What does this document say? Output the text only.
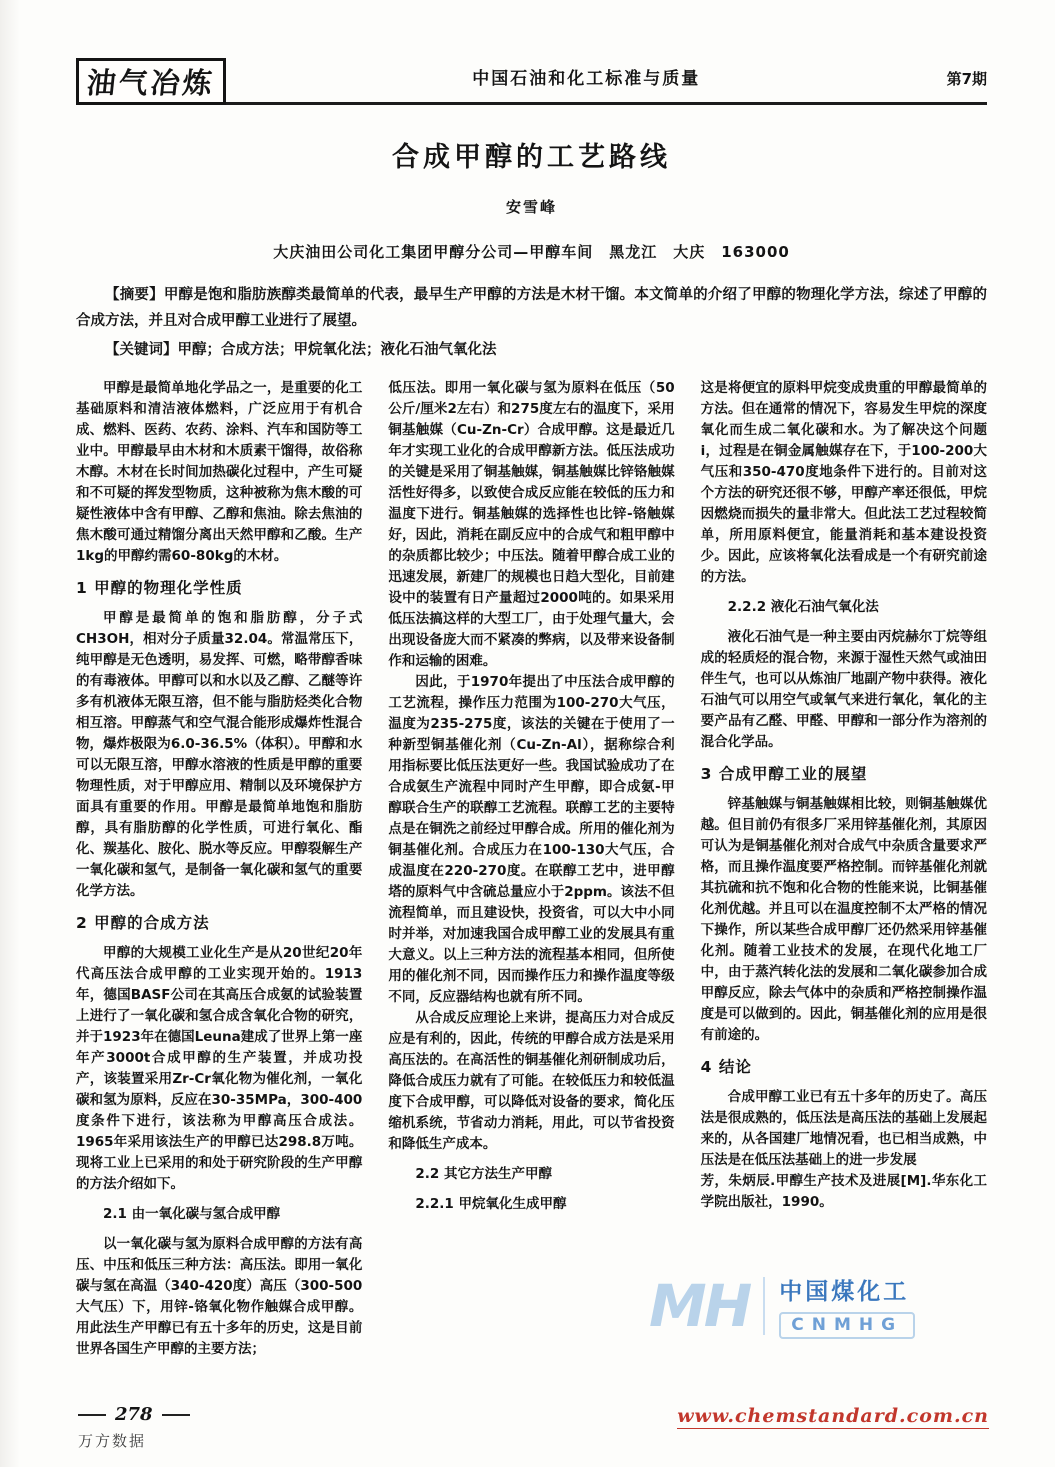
油气冶炼	中国石油和化工标准与质量	第7期
合成甲醇的工艺路线
安雪峰
大庆油田公司化工集团甲醇分公司—甲醇车间　黑龙江　大庆　163000

【摘要】甲醇是饱和脂肪族醇类最简单的代表，最早生产甲醇的方法是木材干馏。本文简单的介绍了甲醇的物理化学方法，综述了甲醇的合成方法，并且对合成甲醇工业进行了展望。

【关键词】甲醇；合成方法；甲烷氧化法；液化石油气氧化法

甲醇是最简单地化学品之一，是重要的化工基础原料和清洁液体燃料，广泛应用于有机合成、燃料、医药、农药、涂料、汽车和国防等工业中。甲醇最早由木材和木质素干馏得，故俗称木醇。木材在长时间加热碳化过程中，产生可疑和不可疑的挥发型物质，这种被称为焦木酸的可疑性液体中含有甲醇、乙醇和焦油。除去焦油的焦木酸可通过精馏分离出天然甲醇和乙酸。生产1kg的甲醇约需60-80kg的木材。

1 甲醇的物理化学性质

甲醇是最简单的饱和脂肪醇，分子式CH3OH，相对分子质量32.04。常温常压下，纯甲醇是无色透明，易发挥、可燃，略带醇香味的有毒液体。甲醇可以和水以及乙醇、乙醚等许多有机液体无限互溶，但不能与脂肪烃类化合物相互溶。甲醇蒸气和空气混合能形成爆炸性混合物，爆炸极限为6.0-36.5%（体积）。甲醇和水可以无限互溶，甲醇水溶液的性质是甲醇的重要物理性质，对于甲醇应用、精制以及环境保护方面具有重要的作用。甲醇是最简单地饱和脂肪醇，具有脂肪醇的化学性质，可进行氧化、酯化、羰基化、胺化、脱水等反应。甲醇裂解生产一氧化碳和氢气，是制备一氧化碳和氢气的重要化学方法。

2 甲醇的合成方法

甲醇的大规模工业化生产是从20世纪20年代高压法合成甲醇的工业实现开始的。1913年，德国BASF公司在其高压合成氨的试验装置上进行了一氧化碳和氢合成含氧化合物的研究，并于1923年在德国Leuna建成了世界上第一座年产3000t合成甲醇的生产装置，并成功投产，该装置采用Zr-Cr氧化物为催化剂，一氧化碳和氢为原料，反应在30-35MPa，300-400度条件下进行，该法称为甲醇高压合成法。1965年采用该法生产的甲醇已达298.8万吨。现将工业上已采用的和处于研究阶段的生产甲醇的方法介绍如下。

2.1 由一氧化碳与氢合成甲醇

以一氧化碳与氢为原料合成甲醇的方法有高压、中压和低压三种方法：高压法。即用一氧化碳与氢在高温（340-420度）高压（300-500大气压）下，用锌-铬氧化物作触媒合成甲醇。用此法生产甲醇已有五十多年的历史，这是目前世界各国生产甲醇的主要方法；

低压法。即用一氧化碳与氢为原料在低压（50公斤/厘米2左右）和275度左右的温度下，采用铜基触媒（Cu-Zn-Cr）合成甲醇。这是最近几年才实现工业化的合成甲醇新方法。低压法成功的关键是采用了铜基触媒，铜基触媒比锌铬触媒活性好得多，以致使合成反应能在较低的压力和温度下进行。铜基触媒的选择性也比锌-铬触媒好，因此，消耗在副反应中的合成气和粗甲醇中的杂质都比较少；中压法。随着甲醇合成工业的迅速发展，新建厂的规模也日趋大型化，目前建设中的装置有日产量超过2000吨的。如果采用低压法搞这样的大型工厂，由于处理气量大，会出现设备庞大而不紧凑的弊病，以及带来设备制作和运输的困难。

因此，于1970年提出了中压法合成甲醇的工艺流程，操作压力范围为100-270大气压，温度为235-275度，该法的关键在于使用了一种新型铜基催化剂（Cu-Zn-Al），据称综合利用指标要比低压法更好一些。我国试验成功了在合成氨生产流程中同时产生甲醇，即合成氨-甲醇联合生产的联醇工艺流程。联醇工艺的主要特点是在铜洗之前经过甲醇合成。所用的催化剂为铜基催化剂。合成压力在100-130大气压，合成温度在220-270度。在联醇工艺中，进甲醇塔的原料气中含硫总量应小于2ppm。该法不但流程简单，而且建设快，投资省，可以大中小同时并举，对加速我国合成甲醇工业的发展具有重大意义。以上三种方法的流程基本相同，但所使用的催化剂不同，因而操作压力和操作温度等级不同，反应器结构也就有所不同。

从合成反应理论上来讲，提高压力对合成反应是有利的，因此，传统的甲醇合成方法是采用高压法的。在高活性的铜基催化剂研制成功后，降低合成压力就有了可能。在较低压力和较低温度下合成甲醇，可以降低对设备的要求，简化压缩机系统，节省动力消耗，用此，可以节省投资和降低生产成本。

2.2 其它方法生产甲醇
2.2.1 甲烷氧化生成甲醇

这是将便宜的原料甲烷变成贵重的甲醇最简单的方法。但在通常的情况下，容易发生甲烷的深度氧化而生成二氧化碳和水。为了解决这个问题i，过程是在铜金属触媒存在下，于100-200大气压和350-470度地条件下进行的。目前对这个方法的研究还很不够，甲醇产率还很低，甲烷因燃烧而损失的量非常大。但此法工艺过程较简单，所用原料便宜，能量消耗和基本建设投资少。因此，应该将氧化法看成是一个有研究前途的方法。

2.2.2 液化石油气氧化法

液化石油气是一种主要由丙烷赫尔丁烷等组成的轻质烃的混合物，来源于湿性天然气或油田伴生气，也可以从炼油厂地副产物中获得。液化石油气可以用空气或氧气来进行氧化，氧化的主要产品有乙醛、甲醛、甲醇和一部分作为溶剂的混合化学品。

3 合成甲醇工业的展望

锌基触媒与铜基触媒相比较，则铜基触媒优越。但目前仍有很多厂采用锌基催化剂，其原因可认为是铜基催化剂对合成气中杂质含量要求严格，而且操作温度要严格控制。而锌基催化剂就其抗硫和抗不饱和化合物的性能来说，比铜基催化剂优越。并且可以在温度控制不太严格的情况下操作，所以某些合成甲醇厂还仍然采用锌基催化剂。随着工业技术的发展，在现代化地工厂中，由于蒸汽转化法的发展和二氧化碳参加合成甲醇反应，除去气体中的杂质和严格控制操作温度是可以做到的。因此，铜基催化剂的应用是很有前途的。

4 结论

合成甲醇工业已有五十多年的历史了。高压法是很成熟的，低压法是高压法的基础上发展起来的，从各国建厂地情况看，也已相当成熟，中压法是在低压法基础上的进一步发展

芳，朱炳辰.甲醇生产技术及进展[M].华东化工学院出版社，1990。

MH 中国煤化工
CNMHG
278
万方数据
www.chemstandard.com.cn
